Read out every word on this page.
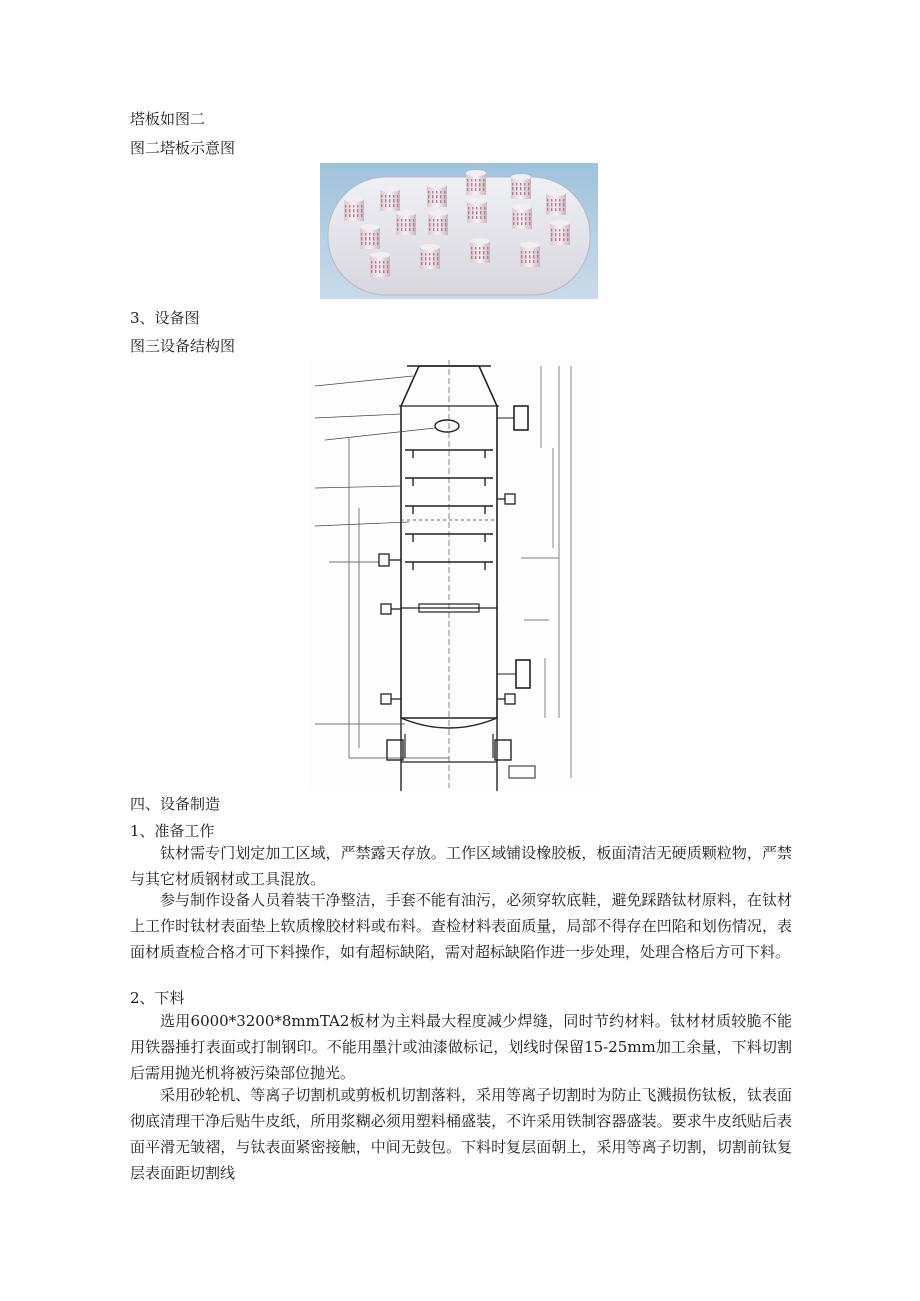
塔板如图二
图二塔板示意图
3、设备图
图三设备结构图
四、设备制造
1、准备工作
钛材需专门划定加工区域，严禁露天存放。工作区域铺设橡胶板，板面清洁无硬质颗粒物，严禁与其它材质钢材或工具混放。
参与制作设备人员着装干净整洁，手套不能有油污，必须穿软底鞋，避免踩踏钛材原料，在钛材上工作时钛材表面垫上软质橡胶材料或布料。查检材料表面质量，局部不得存在凹陷和划伤情况，表面材质查检合格才可下料操作，如有超标缺陷，需对超标缺陷作进一步处理，处理合格后方可下料。
2、下料
选用6000*3200*8mmTA2板材为主料最大程度减少焊缝，同时节约材料。钛材材质较脆不能用铁器捶打表面或打制钢印。不能用墨汁或油漆做标记，划线时保留15-25mm加工余量，下料切割后需用抛光机将被污染部位抛光。
采用砂轮机、等离子切割机或剪板机切割落料，采用等离子切割时为防止飞溅损伤钛板，钛表面彻底清理干净后贴牛皮纸，所用浆糊必须用塑料桶盛装，不许采用铁制容器盛装。要求牛皮纸贴后表面平滑无皱褶，与钛表面紧密接触，中间无鼓包。下料时复层面朝上，采用等离子切割，切割前钛复层表面距切割线
